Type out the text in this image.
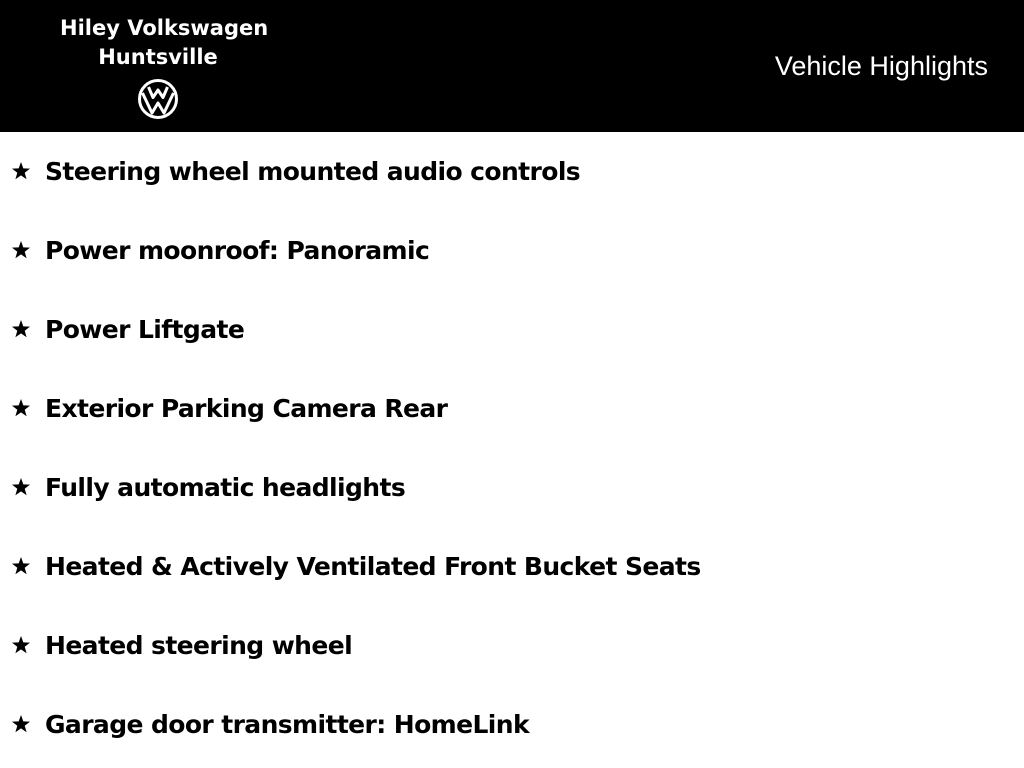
Hiley Volkswagen
Huntsville	Vehicle Highlights
Steering wheel mounted audio controls
Power moonroof: Panoramic
Power Liftgate
Exterior Parking Camera Rear
Fully automatic headlights
Heated & Actively Ventilated Front Bucket Seats
Heated steering wheel
Garage door transmitter: HomeLink
